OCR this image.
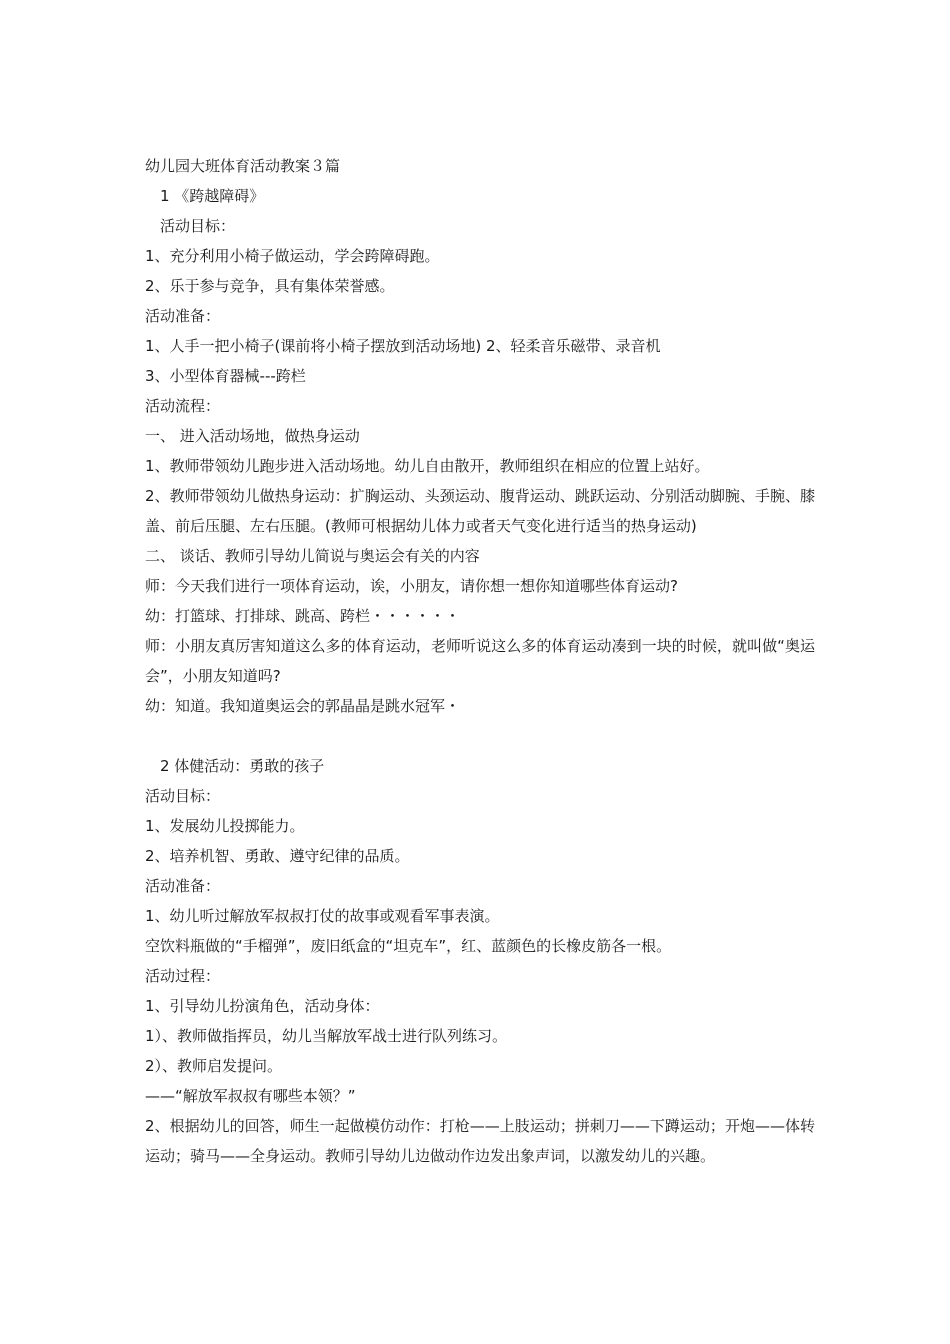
幼儿园大班体育活动教案３篇

1 《跨越障碍》

活动目标：

1、充分利用小椅子做运动，学会跨障碍跑。

2、乐于参与竞争，具有集体荣誉感。

活动准备：

1、人手一把小椅子(课前将小椅子摆放到活动场地) 2、轻柔音乐磁带、录音机

3、小型体育器械---跨栏

活动流程：

一、 进入活动场地，做热身运动

1、教师带领幼儿跑步进入活动场地。幼儿自由散开，教师组织在相应的位置上站好。

2、教师带领幼儿做热身运动：扩胸运动、头颈运动、腹背运动、跳跃运动、分别活动脚腕、手腕、膝盖、前后压腿、左右压腿。(教师可根据幼儿体力或者天气变化进行适当的热身运动)

二、 谈话、教师引导幼儿简说与奥运会有关的内容

师：今天我们进行一项体育运动，诶，小朋友，请你想一想你知道哪些体育运动?

幼：打篮球、打排球、跳高、跨栏・・・・・・

师：小朋友真厉害知道这么多的体育运动，老师听说这么多的体育运动凑到一块的时候，就叫做“奥运会”，小朋友知道吗?

幼：知道。我知道奥运会的郭晶晶是跳水冠军・

2 体健活动：勇敢的孩子

活动目标：

1、发展幼儿投掷能力。

2、培养机智、勇敢、遵守纪律的品质。

活动准备：

1、幼儿听过解放军叔叔打仗的故事或观看军事表演。

空饮料瓶做的“手榴弹”，废旧纸盒的“坦克车”，红、蓝颜色的长橡皮筋各一根。

活动过程：

1、引导幼儿扮演角色，活动身体：

1）、教师做指挥员，幼儿当解放军战士进行队列练习。

2）、教师启发提问。

——“解放军叔叔有哪些本领？”

2、根据幼儿的回答，师生一起做模仿动作：打枪——上肢运动；拼刺刀——下蹲运动；开炮——体转运动；骑马——全身运动。教师引导幼儿边做动作边发出象声词，以激发幼儿的兴趣。
